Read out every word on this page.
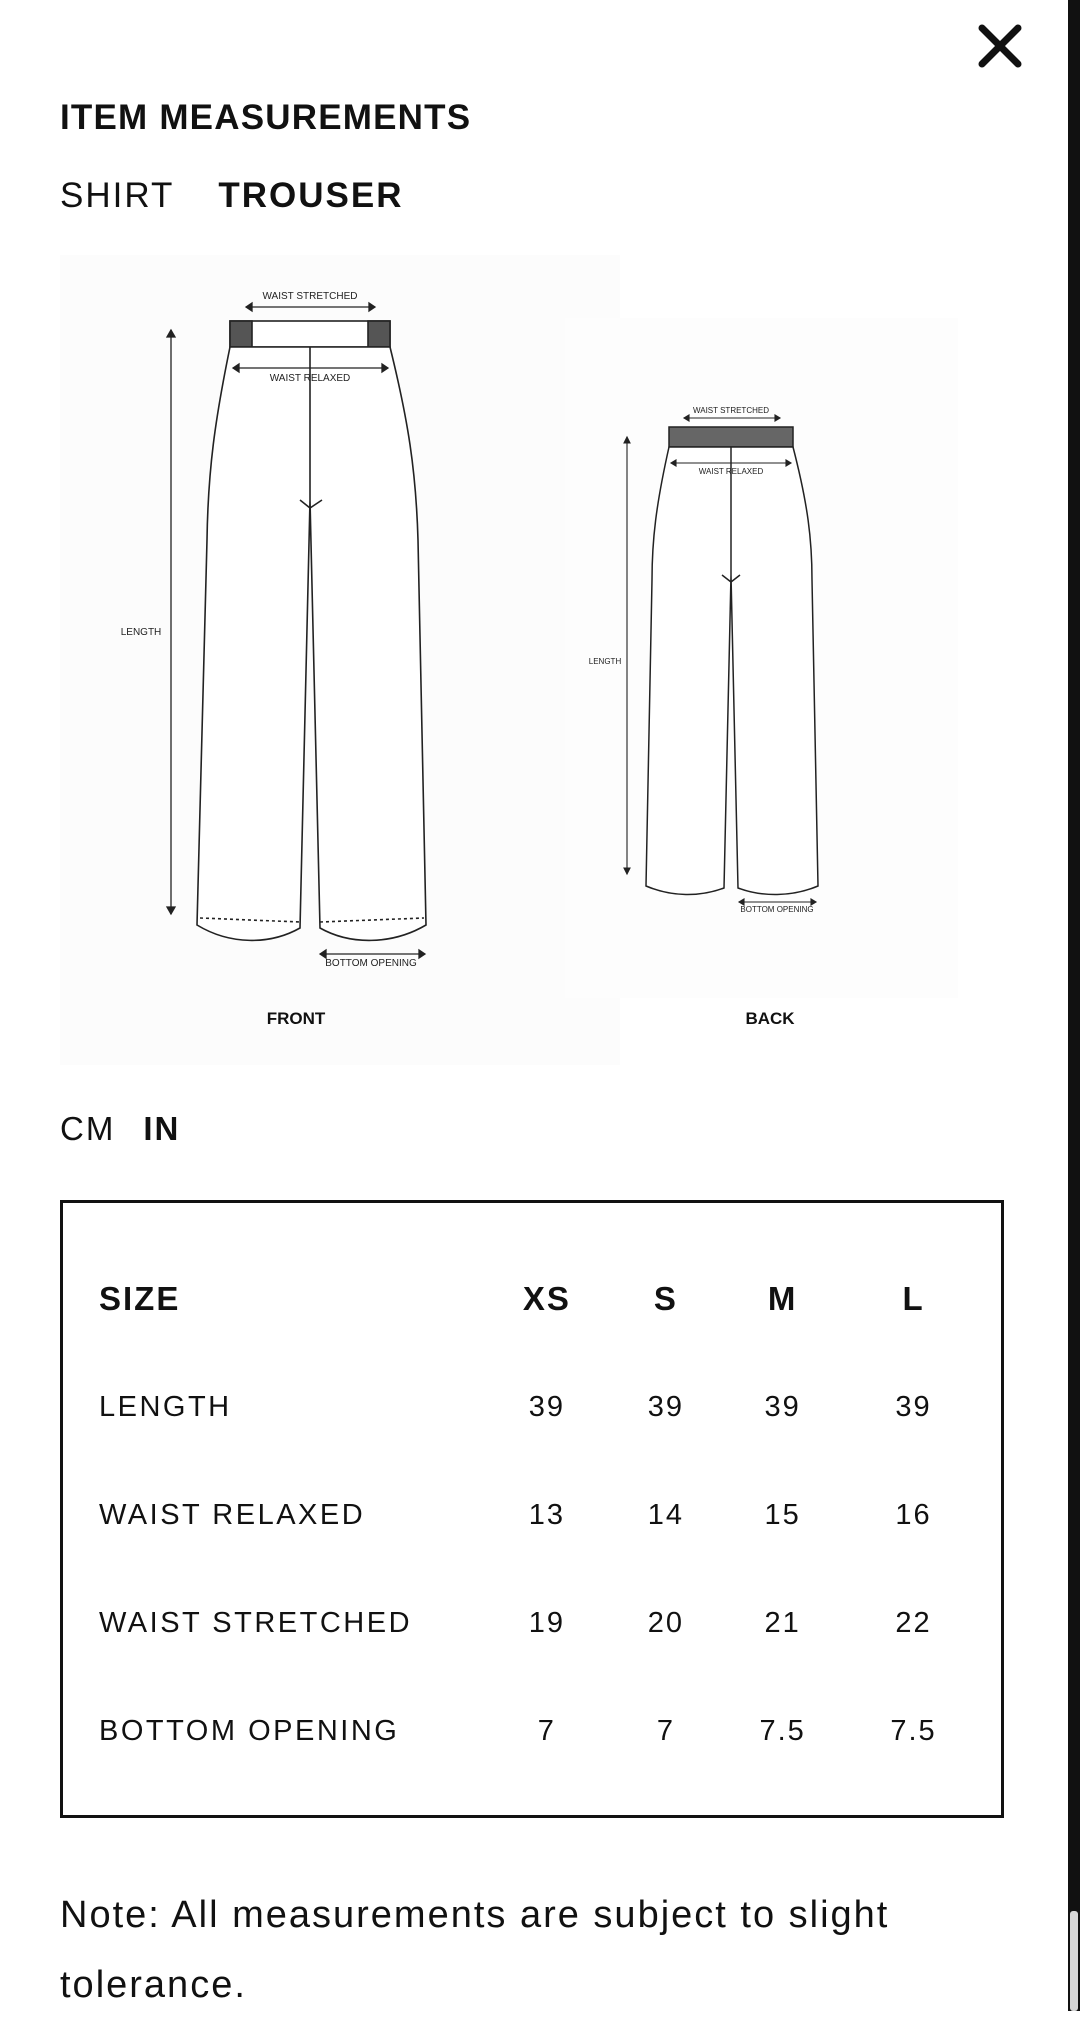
ITEM MEASUREMENTS
SHIRT TROUSER
WAIST STRETCHED
WAIST RELAXED
LENGTH
BOTTOM OPENING
FRONT
WAIST STRETCHED
WAIST RELAXED
LENGTH
BOTTOM OPENING
BACK
CM IN
SIZE	XS	S	M	L
LENGTH	39	39	39	39
WAIST RELAXED	13	14	15	16
WAIST STRETCHED	19	20	21	22
BOTTOM OPENING	7	7	7.5	7.5
Note: All measurements are subject to slight tolerance.
